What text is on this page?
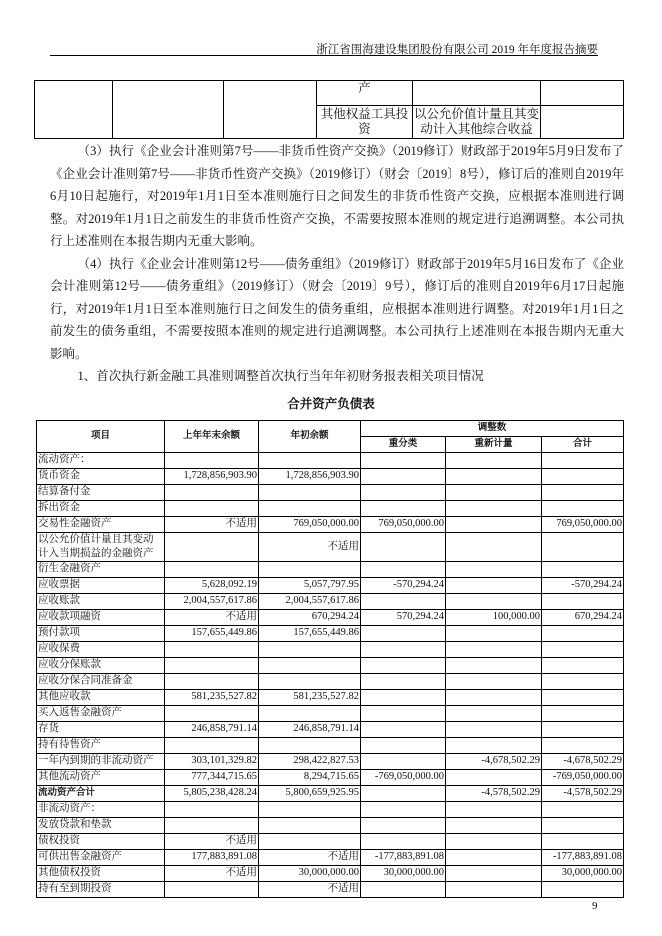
浙江省围海建设集团股份有限公司 2019 年年度报告摘要
			产		
			其他权益工具投资	以公允价值计量且其变动计入其他综合收益	

（3）执行《企业会计准则第7号——非货币性资产交换》（2019修订）财政部于2019年5月9日发布了《企业会计准则第7号——非货币性资产交换》（2019修订）（财会〔2019〕8号），修订后的准则自2019年6月10日起施行，对2019年1月1日至本准则施行日之间发生的非货币性资产交换，应根据本准则进行调整。对2019年1月1日之前发生的非货币性资产交换，不需要按照本准则的规定进行追溯调整。本公司执行上述准则在本报告期内无重大影响。

（4）执行《企业会计准则第12号——债务重组》（2019修订）财政部于2019年5月16日发布了《企业会计准则第12号——债务重组》（2019修订）（财会〔2019〕9号），修订后的准则自2019年6月17日起施行，对2019年1月1日至本准则施行日之间发生的债务重组，应根据本准则进行调整。对2019年1月1日之前发生的债务重组，不需要按照本准则的规定进行追溯调整。本公司执行上述准则在本报告期内无重大影响。

1、首次执行新金融工具准则调整首次执行当年年初财务报表相关项目情况

合并资产负债表
项目	上年年末余额	年初余额	调整数		
			重分类	重新计量	合计
流动资产：					
货币资金	1,728,856,903.90	1,728,856,903.90			
结算备付金					
拆出资金					
交易性金融资产	不适用	769,050,000.00	769,050,000.00		769,050,000.00
以公允价值计量且其变动计入当期损益的金融资产		不适用			
衍生金融资产					
应收票据	5,628,092.19	5,057,797.95	-570,294.24		-570,294.24
应收账款	2,004,557,617.86	2,004,557,617.86			
应收款项融资	不适用	670,294.24	570,294.24	100,000.00	670,294.24
预付款项	157,655,449.86	157,655,449.86			
应收保费					
应收分保账款					
应收分保合同准备金					
其他应收款	581,235,527.82	581,235,527.82			
买入返售金融资产					
存货	246,858,791.14	246,858,791.14			
持有待售资产					
一年内到期的非流动资产	303,101,329.82	298,422,827.53		-4,678,502.29	-4,678,502.29
其他流动资产	777,344,715.65	8,294,715.65	-769,050,000.00		-769,050,000.00
流动资产合计	5,805,238,428.24	5,800,659,925.95		-4,578,502.29	-4,578,502.29
非流动资产：					
发放贷款和垫款					
债权投资	不适用				
可供出售金融资产	177,883,891.08	不适用	-177,883,891.08		-177,883,891.08
其他债权投资	不适用	30,000,000.00	30,000,000.00		30,000,000.00
持有至到期投资		不适用			
9
